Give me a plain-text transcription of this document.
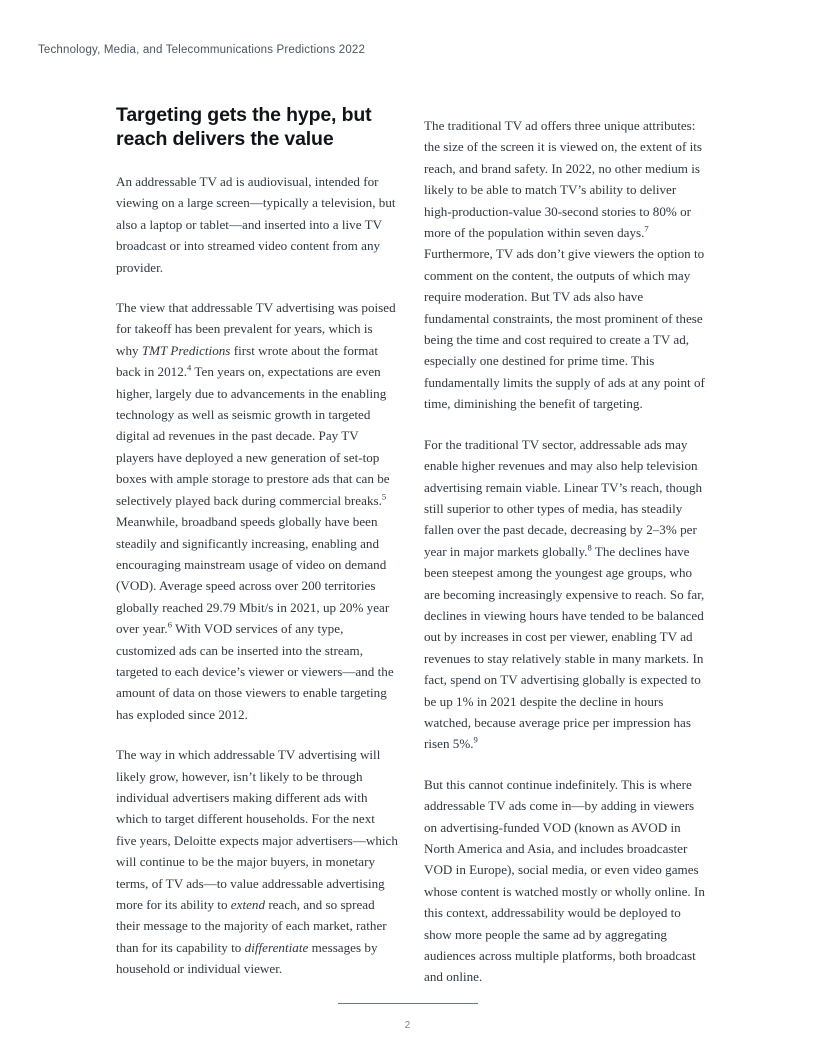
Technology, Media, and Telecommunications Predictions 2022
Targeting gets the hype, but
reach delivers the value

An addressable TV ad is audiovisual, intended for viewing on a large screen—typically a television, but also a laptop or tablet—and inserted into a live TV broadcast or into streamed video content from any provider.

The view that addressable TV advertising was poised for takeoff has been prevalent for years, which is why TMT Predictions first wrote about the format back in 2012.$^4$ Ten years on, expectations are even higher, largely due to advancements in the enabling technology as well as seismic growth in targeted digital ad revenues in the past decade. Pay TV players have deployed a new generation of set-top boxes with ample storage to prestore ads that can be selectively played back during commercial breaks.$^5$ Meanwhile, broadband speeds globally have been steadily and significantly increasing, enabling and encouraging mainstream usage of video on demand (VOD). Average speed across over 200 territories globally reached 29.79 Mbit/s in 2021, up 20% year over year.$^6$ With VOD services of any type, customized ads can be inserted into the stream, targeted to each device’s viewer or viewers—and the amount of data on those viewers to enable targeting has exploded since 2012.

The way in which addressable TV advertising will likely grow, however, isn’t likely to be through individual advertisers making different ads with which to target different households. For the next five years, Deloitte expects major advertisers—which will continue to be the major buyers, in monetary terms, of TV ads—to value addressable advertising more for its ability to extend reach, and so spread their message to the majority of each market, rather than for its capability to differentiate messages by household or individual viewer.

The traditional TV ad offers three unique attributes: the size of the screen it is viewed on, the extent of its reach, and brand safety. In 2022, no other medium is likely to be able to match TV’s ability to deliver high-production-value 30-second stories to 80% or more of the population within seven days.$^7$ Furthermore, TV ads don’t give viewers the option to comment on the content, the outputs of which may require moderation. But TV ads also have fundamental constraints, the most prominent of these being the time and cost required to create a TV ad, especially one destined for prime time. This fundamentally limits the supply of ads at any point of time, diminishing the benefit of targeting.

For the traditional TV sector, addressable ads may enable higher revenues and may also help television advertising remain viable. Linear TV’s reach, though still superior to other types of media, has steadily fallen over the past decade, decreasing by 2–3% per year in major markets globally.$^8$ The declines have been steepest among the youngest age groups, who are becoming increasingly expensive to reach. So far, declines in viewing hours have tended to be balanced out by increases in cost per viewer, enabling TV ad revenues to stay relatively stable in many markets. In fact, spend on TV advertising globally is expected to be up 1% in 2021 despite the decline in hours watched, because average price per impression has risen 5%.$^9$

But this cannot continue indefinitely. This is where addressable TV ads come in—by adding in viewers on advertising-funded VOD (known as AVOD in North America and Asia, and includes broadcaster VOD in Europe), social media, or even video games whose content is watched mostly or wholly online. In this context, addressability would be deployed to show more people the same ad by aggregating audiences across multiple platforms, both broadcast and online.

2
